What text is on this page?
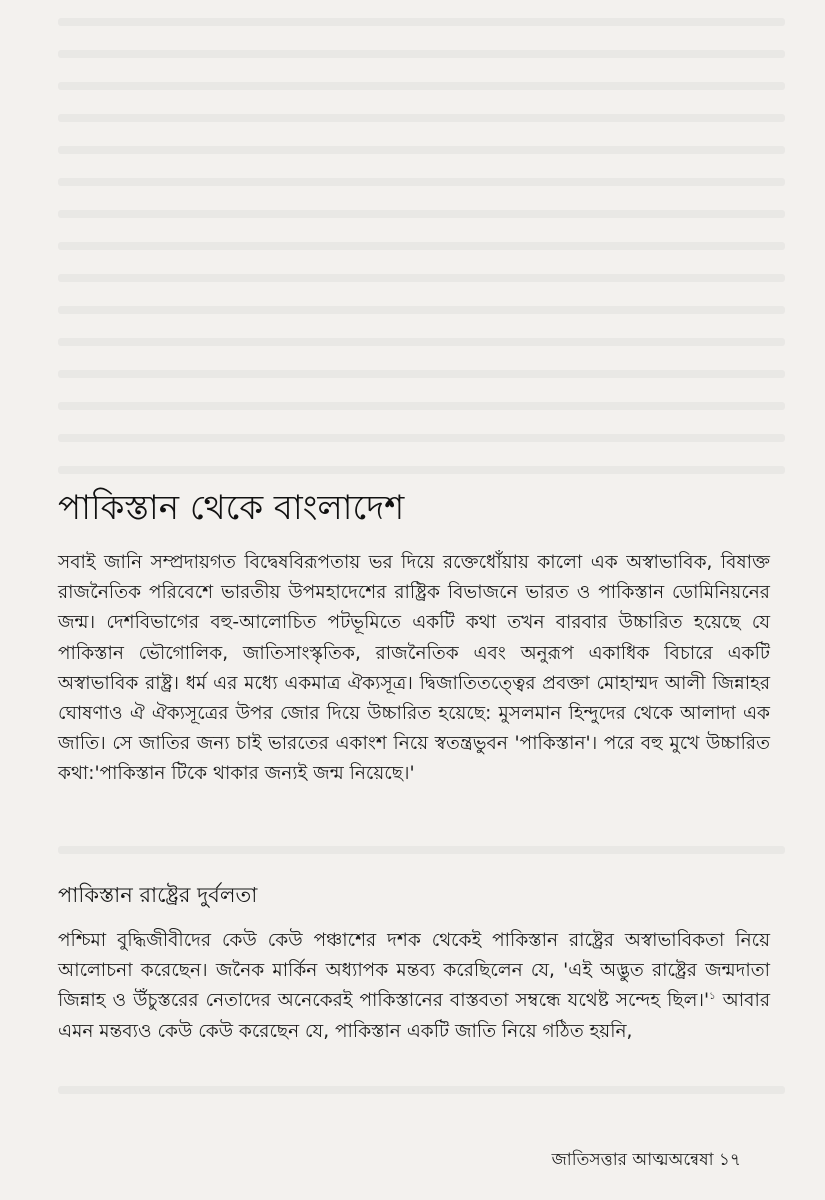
পাকিস্তান থেকে বাংলাদেশ

সবাই জানি সম্প্রদায়গত বিদ্বেষবিরূপতায় ভর দিয়ে রক্তেধোঁয়ায় কালো এক অস্বাভাবিক, বিষাক্ত রাজনৈতিক পরিবেশে ভারতীয় উপমহাদেশের রাষ্ট্রিক বিভাজনে ভারত ও পাকিস্তান ডোমিনিয়নের জন্ম। দেশবিভাগের বহু-আলোচিত পটভূমিতে একটি কথা তখন বারবার উচ্চারিত হয়েছে যে পাকিস্তান ভৌগোলিক, জাতিসাংস্কৃতিক, রাজনৈতিক এবং অনুরূপ একাধিক বিচারে একটি অস্বাভাবিক রাষ্ট্র। ধর্ম এর মধ্যে একমাত্র ঐক্যসূত্র। দ্বিজাতিতত্ত্বের প্রবক্তা মোহাম্মদ আলী জিন্নাহর ঘোষণাও ঐ ঐক্যসূত্রের উপর জোর দিয়ে উচ্চারিত হয়েছে: মুসলমান হিন্দুদের থেকে আলাদা এক জাতি। সে জাতির জন্য চাই ভারতের একাংশ নিয়ে স্বতন্ত্রভুবন 'পাকিস্তান'। পরে বহু মুখে উচ্চারিত কথা:'পাকিস্তান টিকে থাকার জন্যই জন্ম নিয়েছে।'

পাকিস্তান রাষ্ট্রের দুর্বলতা

পশ্চিমা বুদ্ধিজীবীদের কেউ কেউ পঞ্চাশের দশক থেকেই পাকিস্তান রাষ্ট্রের অস্বাভাবিকতা নিয়ে আলোচনা করেছেন। জনৈক মার্কিন অধ্যাপক মন্তব্য করেছিলেন যে, 'এই অদ্ভুত রাষ্ট্রের জন্মদাতা জিন্নাহ ও উঁচুস্তরের নেতাদের অনেকেরই পাকিস্তানের বাস্তবতা সম্বন্ধে যথেষ্ট সন্দেহ $ছিল।'^১$ আবার এমন মন্তব্যও কেউ কেউ করেছেন যে, পাকিস্তান একটি জাতি নিয়ে গঠিত হয়নি,

জাতিসত্তার আত্মঅন্বেষা ১৭
